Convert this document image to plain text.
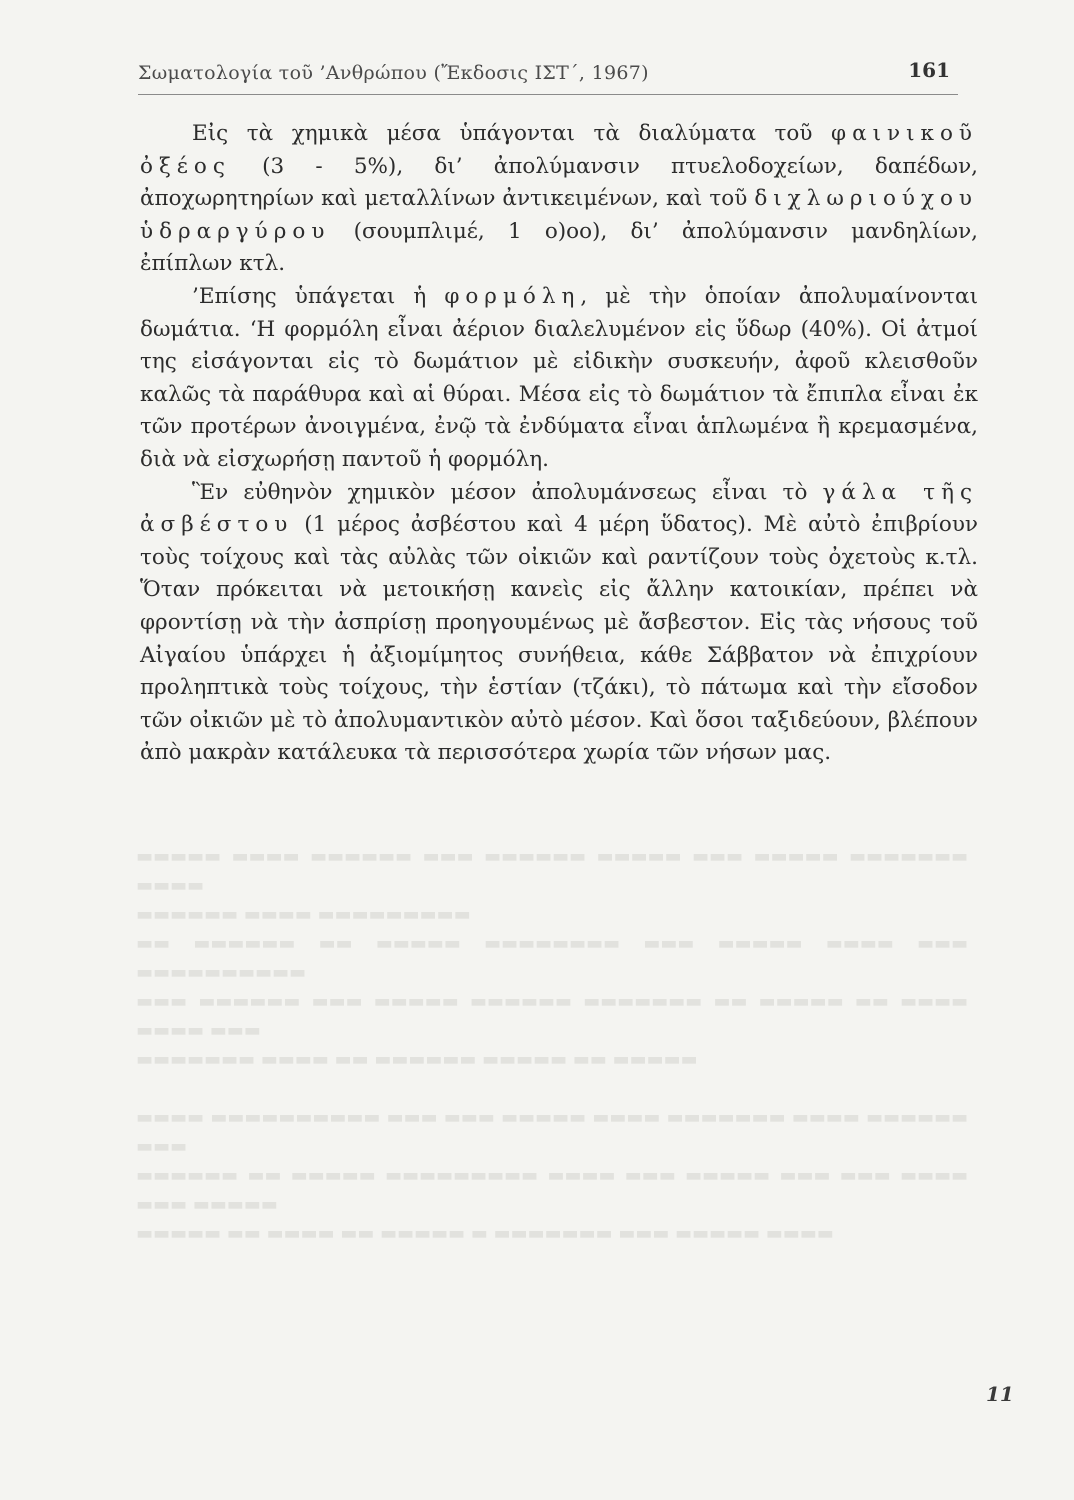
Σωματολογία τοῦ ’Ανθρώπου (Ἔκδοσις ΙΣΤ΄, 1967)	161

Εἰς τὰ χημικὰ μέσα ὑπάγονται τὰ διαλύματα τοῦ φαινικοῦ ὀξέος (3 - 5%), δι’ ἀπολύμανσιν πτυελοδοχείων, δαπέδων, ἀποχωρητηρίων καὶ μεταλλίνων ἀντικειμένων, καὶ τοῦ διχλωριούχου ὑδραργύρου (σουμπλιμέ, 1 ο)οο), δι’ ἀπολύμανσιν μανδηλίων, ἐπίπλων κτλ.

’Επίσης ὑπάγεται ἡ φορμόλη, μὲ τὴν ὁποίαν ἀπολυμαίνονται δωμάτια. ‘Η φορμόλη εἶναι ἀέριον διαλελυμένον εἰς ὕδωρ (40%). Οἱ ἀτμοί της εἰσάγονται εἰς τὸ δωμάτιον μὲ εἰδικὴν συσκευήν, ἀφοῦ κλεισθοῦν καλῶς τὰ παράθυρα καὶ αἱ θύραι. Μέσα εἰς τὸ δωμάτιον τὰ ἔπιπλα εἶναι ἐκ τῶν προτέρων ἀνοιγμένα, ἐνῷ τὰ ἐνδύματα εἶναι ἁπλωμένα ἢ κρεμασμένα, διὰ νὰ εἰσχωρήσῃ παντοῦ ἡ φορμόλη.

Ἓν εὐθηνὸν χημικὸν μέσον ἀπολυμάνσεως εἶναι τὸ γάλα τῆς ἀσβέστου (1 μέρος ἀσβέστου καὶ 4 μέρη ὕδατος). Μὲ αὐτὸ ἐπιβρίουν τοὺς τοίχους καὶ τὰς αὐλὰς τῶν οἰκιῶν καὶ ραντίζουν τοὺς ὀχετοὺς κ.τλ. Ὅταν πρόκειται νὰ μετοικήσῃ κανεὶς εἰς ἄλλην κατοικίαν, πρέπει νὰ φροντίσῃ νὰ τὴν ἀσπρίσῃ προηγουμένως μὲ ἄσβεστον. Εἰς τὰς νήσους τοῦ Αἰγαίου ὑπάρχει ἡ ἀξιομίμητος συνήθεια, κάθε Σάββατον νὰ ἐπιχρίουν προληπτικὰ τοὺς τοίχους, τὴν ἑστίαν (τζάκι), τὸ πάτωμα καὶ τὴν εἴσοδον τῶν οἰκιῶν μὲ τὸ ἀπολυμαντικὸν αὐτὸ μέσον. Καὶ ὅσοι ταξιδεύουν, βλέπουν ἀπὸ μακρὰν κατάλευκα τὰ περισσότερα χωρία τῶν νήσων μας.

▬▬▬▬▬ ▬▬▬▬ ▬▬▬▬▬▬ ▬▬▬ ▬▬▬▬▬▬ ▬▬▬▬▬ ▬▬▬ ▬▬▬▬▬ ▬▬▬▬▬▬▬ ▬▬▬▬

▬▬▬▬▬▬ ▬▬▬▬ ▬▬▬▬▬▬▬▬▬

▬▬ ▬▬▬▬▬▬ ▬▬ ▬▬▬▬▬ ▬▬▬▬▬▬▬▬ ▬▬▬ ▬▬▬▬▬ ▬▬▬▬ ▬▬▬ ▬▬▬▬▬▬▬▬▬▬

▬▬▬ ▬▬▬▬▬▬ ▬▬▬ ▬▬▬▬▬ ▬▬▬▬▬▬ ▬▬▬▬▬▬▬ ▬▬ ▬▬▬▬▬ ▬▬ ▬▬▬▬ ▬▬▬▬ ▬▬▬

▬▬▬▬▬▬▬ ▬▬▬▬ ▬▬ ▬▬▬▬▬▬ ▬▬▬▬▬ ▬▬ ▬▬▬▬▬

▬▬▬▬ ▬▬▬▬▬▬▬▬▬▬ ▬▬▬ ▬▬▬ ▬▬▬▬▬ ▬▬▬▬ ▬▬▬▬▬▬▬ ▬▬▬▬ ▬▬▬▬▬▬ ▬▬▬

▬▬▬▬▬▬ ▬▬ ▬▬▬▬▬ ▬▬▬▬▬▬▬▬▬ ▬▬▬▬ ▬▬▬ ▬▬▬▬▬ ▬▬▬ ▬▬▬ ▬▬▬▬ ▬▬▬ ▬▬▬▬▬

▬▬▬▬▬ ▬▬ ▬▬▬▬ ▬▬ ▬▬▬▬▬ ▬ ▬▬▬▬▬▬▬ ▬▬▬ ▬▬▬▬▬ ▬▬▬▬

11
